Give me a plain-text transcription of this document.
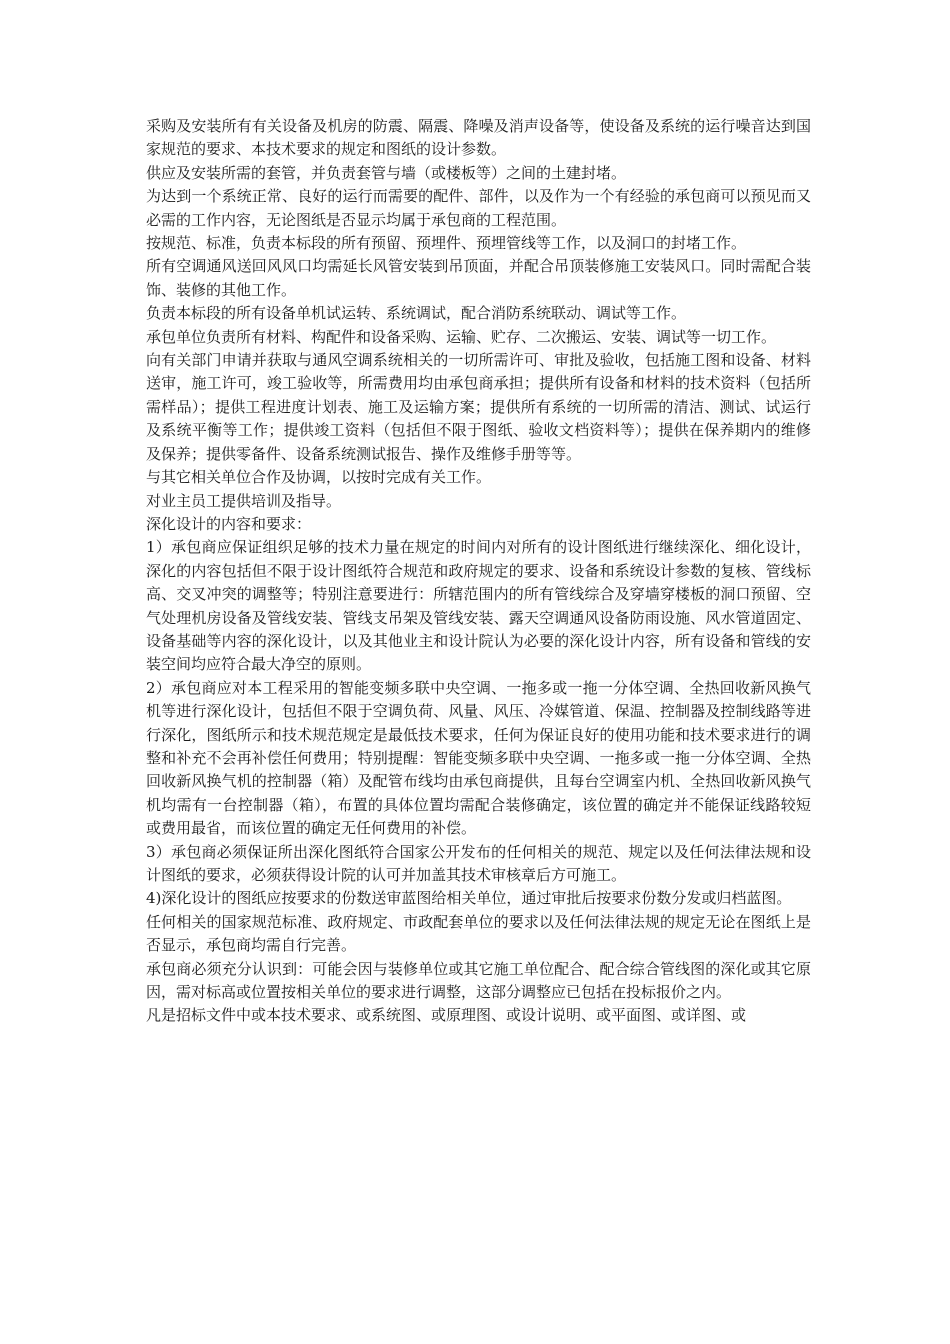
采购及安装所有有关设备及机房的防震、隔震、降噪及消声设备等，使设备及系统的运行噪音达到国家规范的要求、本技术要求的规定和图纸的设计参数。

供应及安装所需的套管，并负责套管与墙（或楼板等）之间的土建封堵。

为达到一个系统正常、良好的运行而需要的配件、部件，以及作为一个有经验的承包商可以预见而又必需的工作内容，无论图纸是否显示均属于承包商的工程范围。

按规范、标准，负责本标段的所有预留、预埋件、预埋管线等工作，以及洞口的封堵工作。

所有空调通风送回风风口均需延长风管安装到吊顶面，并配合吊顶装修施工安装风口。同时需配合装饰、装修的其他工作。

负责本标段的所有设备单机试运转、系统调试，配合消防系统联动、调试等工作。

承包单位负责所有材料、构配件和设备采购、运输、贮存、二次搬运、安装、调试等一切工作。

向有关部门申请并获取与通风空调系统相关的一切所需许可、审批及验收，包括施工图和设备、材料送审，施工许可，竣工验收等，所需费用均由承包商承担；提供所有设备和材料的技术资料（包括所需样品）；提供工程进度计划表、施工及运输方案；提供所有系统的一切所需的清洁、测试、试运行及系统平衡等工作；提供竣工资料（包括但不限于图纸、验收文档资料等）；提供在保养期内的维修及保养；提供零备件、设备系统测试报告、操作及维修手册等等。

与其它相关单位合作及协调，以按时完成有关工作。

对业主员工提供培训及指导。

深化设计的内容和要求：

1）承包商应保证组织足够的技术力量在规定的时间内对所有的设计图纸进行继续深化、细化设计，深化的内容包括但不限于设计图纸符合规范和政府规定的要求、设备和系统设计参数的复核、管线标高、交叉冲突的调整等；特别注意要进行：所辖范围内的所有管线综合及穿墙穿楼板的洞口预留、空气处理机房设备及管线安装、管线支吊架及管线安装、露天空调通风设备防雨设施、风水管道固定、设备基础等内容的深化设计，以及其他业主和设计院认为必要的深化设计内容，所有设备和管线的安装空间均应符合最大净空的原则。

2）承包商应对本工程采用的智能变频多联中央空调、一拖多或一拖一分体空调、全热回收新风换气机等进行深化设计，包括但不限于空调负荷、风量、风压、冷媒管道、保温、控制器及控制线路等进行深化，图纸所示和技术规范规定是最低技术要求，任何为保证良好的使用功能和技术要求进行的调整和补充不会再补偿任何费用；特别提醒：智能变频多联中央空调、一拖多或一拖一分体空调、全热回收新风换气机的控制器（箱）及配管布线均由承包商提供，且每台空调室内机、全热回收新风换气机均需有一台控制器（箱），布置的具体位置均需配合装修确定，该位置的确定并不能保证线路较短或费用最省，而该位置的确定无任何费用的补偿。

3）承包商必须保证所出深化图纸符合国家公开发布的任何相关的规范、规定以及任何法律法规和设计图纸的要求，必须获得设计院的认可并加盖其技术审核章后方可施工。

4)深化设计的图纸应按要求的份数送审蓝图给相关单位，通过审批后按要求份数分发或归档蓝图。

任何相关的国家规范标准、政府规定、市政配套单位的要求以及任何法律法规的规定无论在图纸上是否显示，承包商均需自行完善。

承包商必须充分认识到：可能会因与装修单位或其它施工单位配合、配合综合管线图的深化或其它原因，需对标高或位置按相关单位的要求进行调整，这部分调整应已包括在投标报价之内。

凡是招标文件中或本技术要求、或系统图、或原理图、或设计说明、或平面图、或详图、或
